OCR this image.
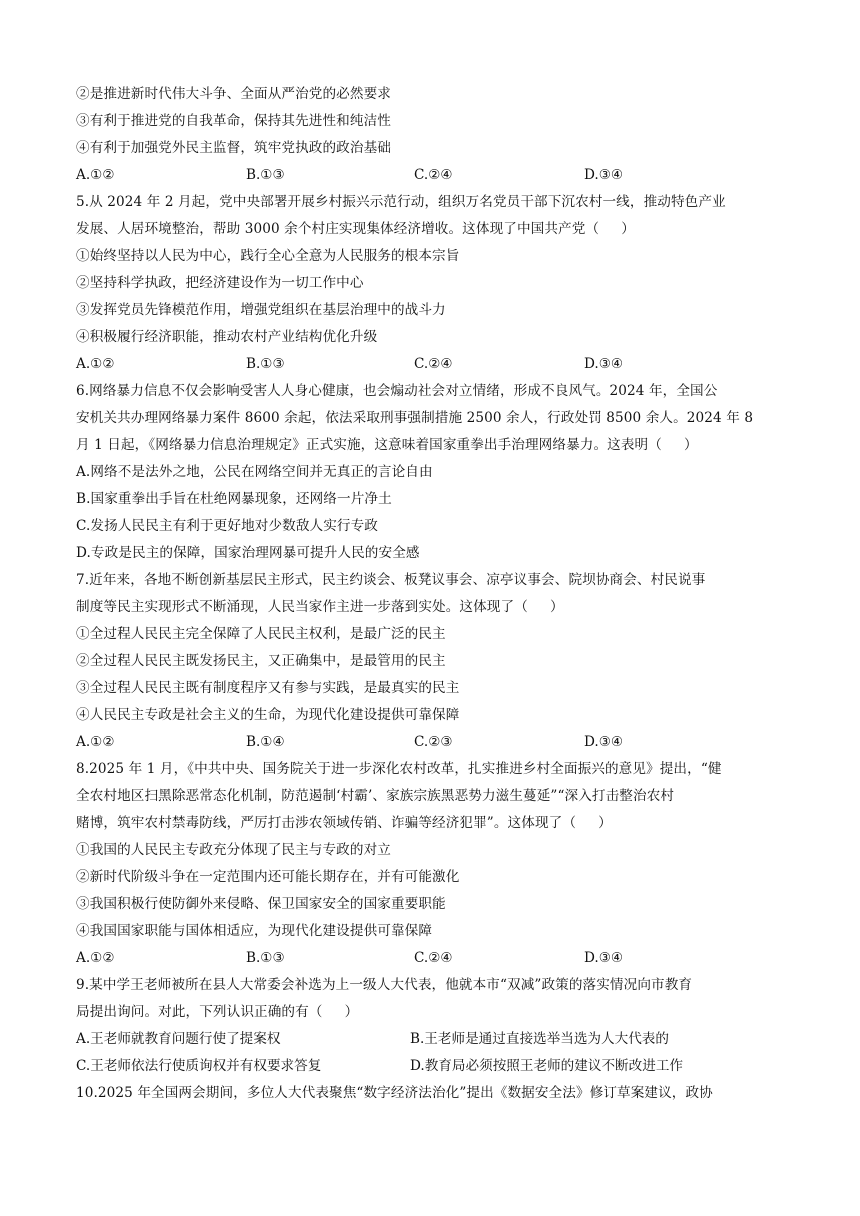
②是推进新时代伟大斗争、全面从严治党的必然要求
③有利于推进党的自我革命，保持其先进性和纯洁性
④有利于加强党外民主监督，筑牢党执政的政治基础
A.①②	B.①③	C.②④	D.③④
5.从 2024 年 2 月起，党中央部署开展乡村振兴示范行动，组织万名党员干部下沉农村一线，推动特色产业
发展、人居环境整治，帮助 3000 余个村庄实现集体经济增收。这体现了中国共产党（     ）
①始终坚持以人民为中心，践行全心全意为人民服务的根本宗旨
②坚持科学执政，把经济建设作为一切工作中心
③发挥党员先锋模范作用，增强党组织在基层治理中的战斗力
④积极履行经济职能，推动农村产业结构优化升级
A.①②	B.①③	C.②④	D.③④
6.网络暴力信息不仅会影响受害人人身心健康，也会煽动社会对立情绪，形成不良风气。2024 年，全国公
安机关共办理网络暴力案件 8600 余起，依法采取刑事强制措施 2500 余人，行政处罚 8500 余人。2024 年 8
月 1 日起，《网络暴力信息治理规定》正式实施，这意味着国家重拳出手治理网络暴力。这表明（     ）
A.网络不是法外之地，公民在网络空间并无真正的言论自由
B.国家重拳出手旨在杜绝网暴现象，还网络一片净土
C.发扬人民民主有利于更好地对少数敌人实行专政
D.专政是民主的保障，国家治理网暴可提升人民的安全感
7.近年来，各地不断创新基层民主形式，民主约谈会、板凳议事会、凉亭议事会、院坝协商会、村民说事
制度等民主实现形式不断涌现，人民当家作主进一步落到实处。这体现了（     ）
①全过程人民民主完全保障了人民民主权利，是最广泛的民主
②全过程人民民主既发扬民主，又正确集中，是最管用的民主
③全过程人民民主既有制度程序又有参与实践，是最真实的民主
④人民民主专政是社会主义的生命，为现代化建设提供可靠保障
A.①②	B.①④	C.②③	D.③④
8.2025 年 1 月，《中共中央、国务院关于进一步深化农村改革，扎实推进乡村全面振兴的意见》提出，“健
全农村地区扫黑除恶常态化机制，防范遏制‘村霸’、家族宗族黑恶势力滋生蔓延”“深入打击整治农村
赌博，筑牢农村禁毒防线，严厉打击涉农领域传销、诈骗等经济犯罪”。这体现了（     ）
①我国的人民民主专政充分体现了民主与专政的对立
②新时代阶级斗争在一定范围内还可能长期存在，并有可能激化
③我国积极行使防御外来侵略、保卫国家安全的国家重要职能
④我国国家职能与国体相适应，为现代化建设提供可靠保障
A.①②	B.①③	C.②④	D.③④
9.某中学王老师被所在县人大常委会补选为上一级人大代表，他就本市“双减”政策的落实情况向市教育
局提出询问。对此，下列认识正确的有（     ）
A.王老师就教育问题行使了提案权	B.王老师是通过直接选举当选为人大代表的
C.王老师依法行使质询权并有权要求答复	D.教育局必须按照王老师的建议不断改进工作
10.2025 年全国两会期间，多位人大代表聚焦“数字经济法治化”提出《数据安全法》修订草案建议，政协
